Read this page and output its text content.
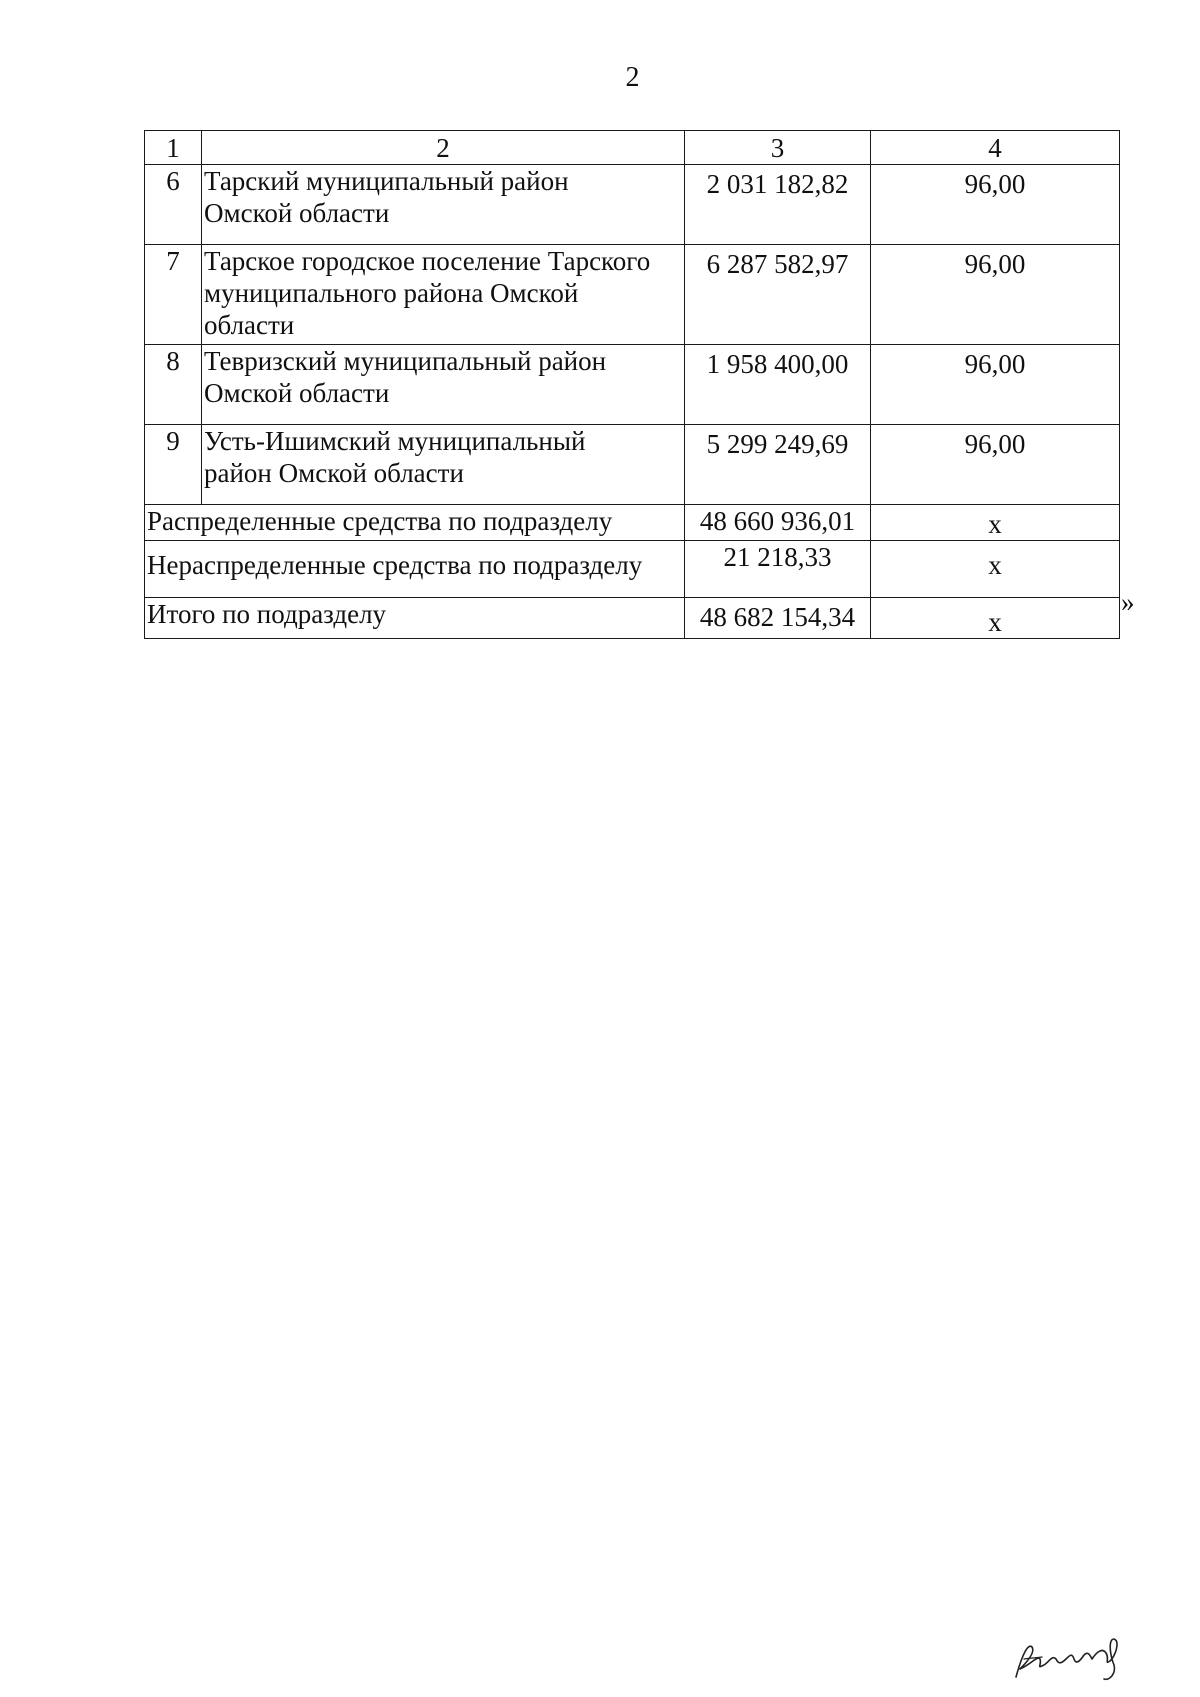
2
1	2	3	4
6	Тарский муниципальный район
Омской области	2 031 182,82	96,00
7	Тарское городское поселение Тарского
муниципального района Омской
области	6 287 582,97	96,00
8	Тевризский муниципальный район
Омской области	1 958 400,00	96,00
9	Усть-Ишимский муниципальный
район Омской области	5 299 249,69	96,00
Распределенные средства по подразделу		48 660 936,01	х
Нераспределенные средства по подразделу		21 218,33	х
Итого по подразделу		48 682 154,34	х
»
